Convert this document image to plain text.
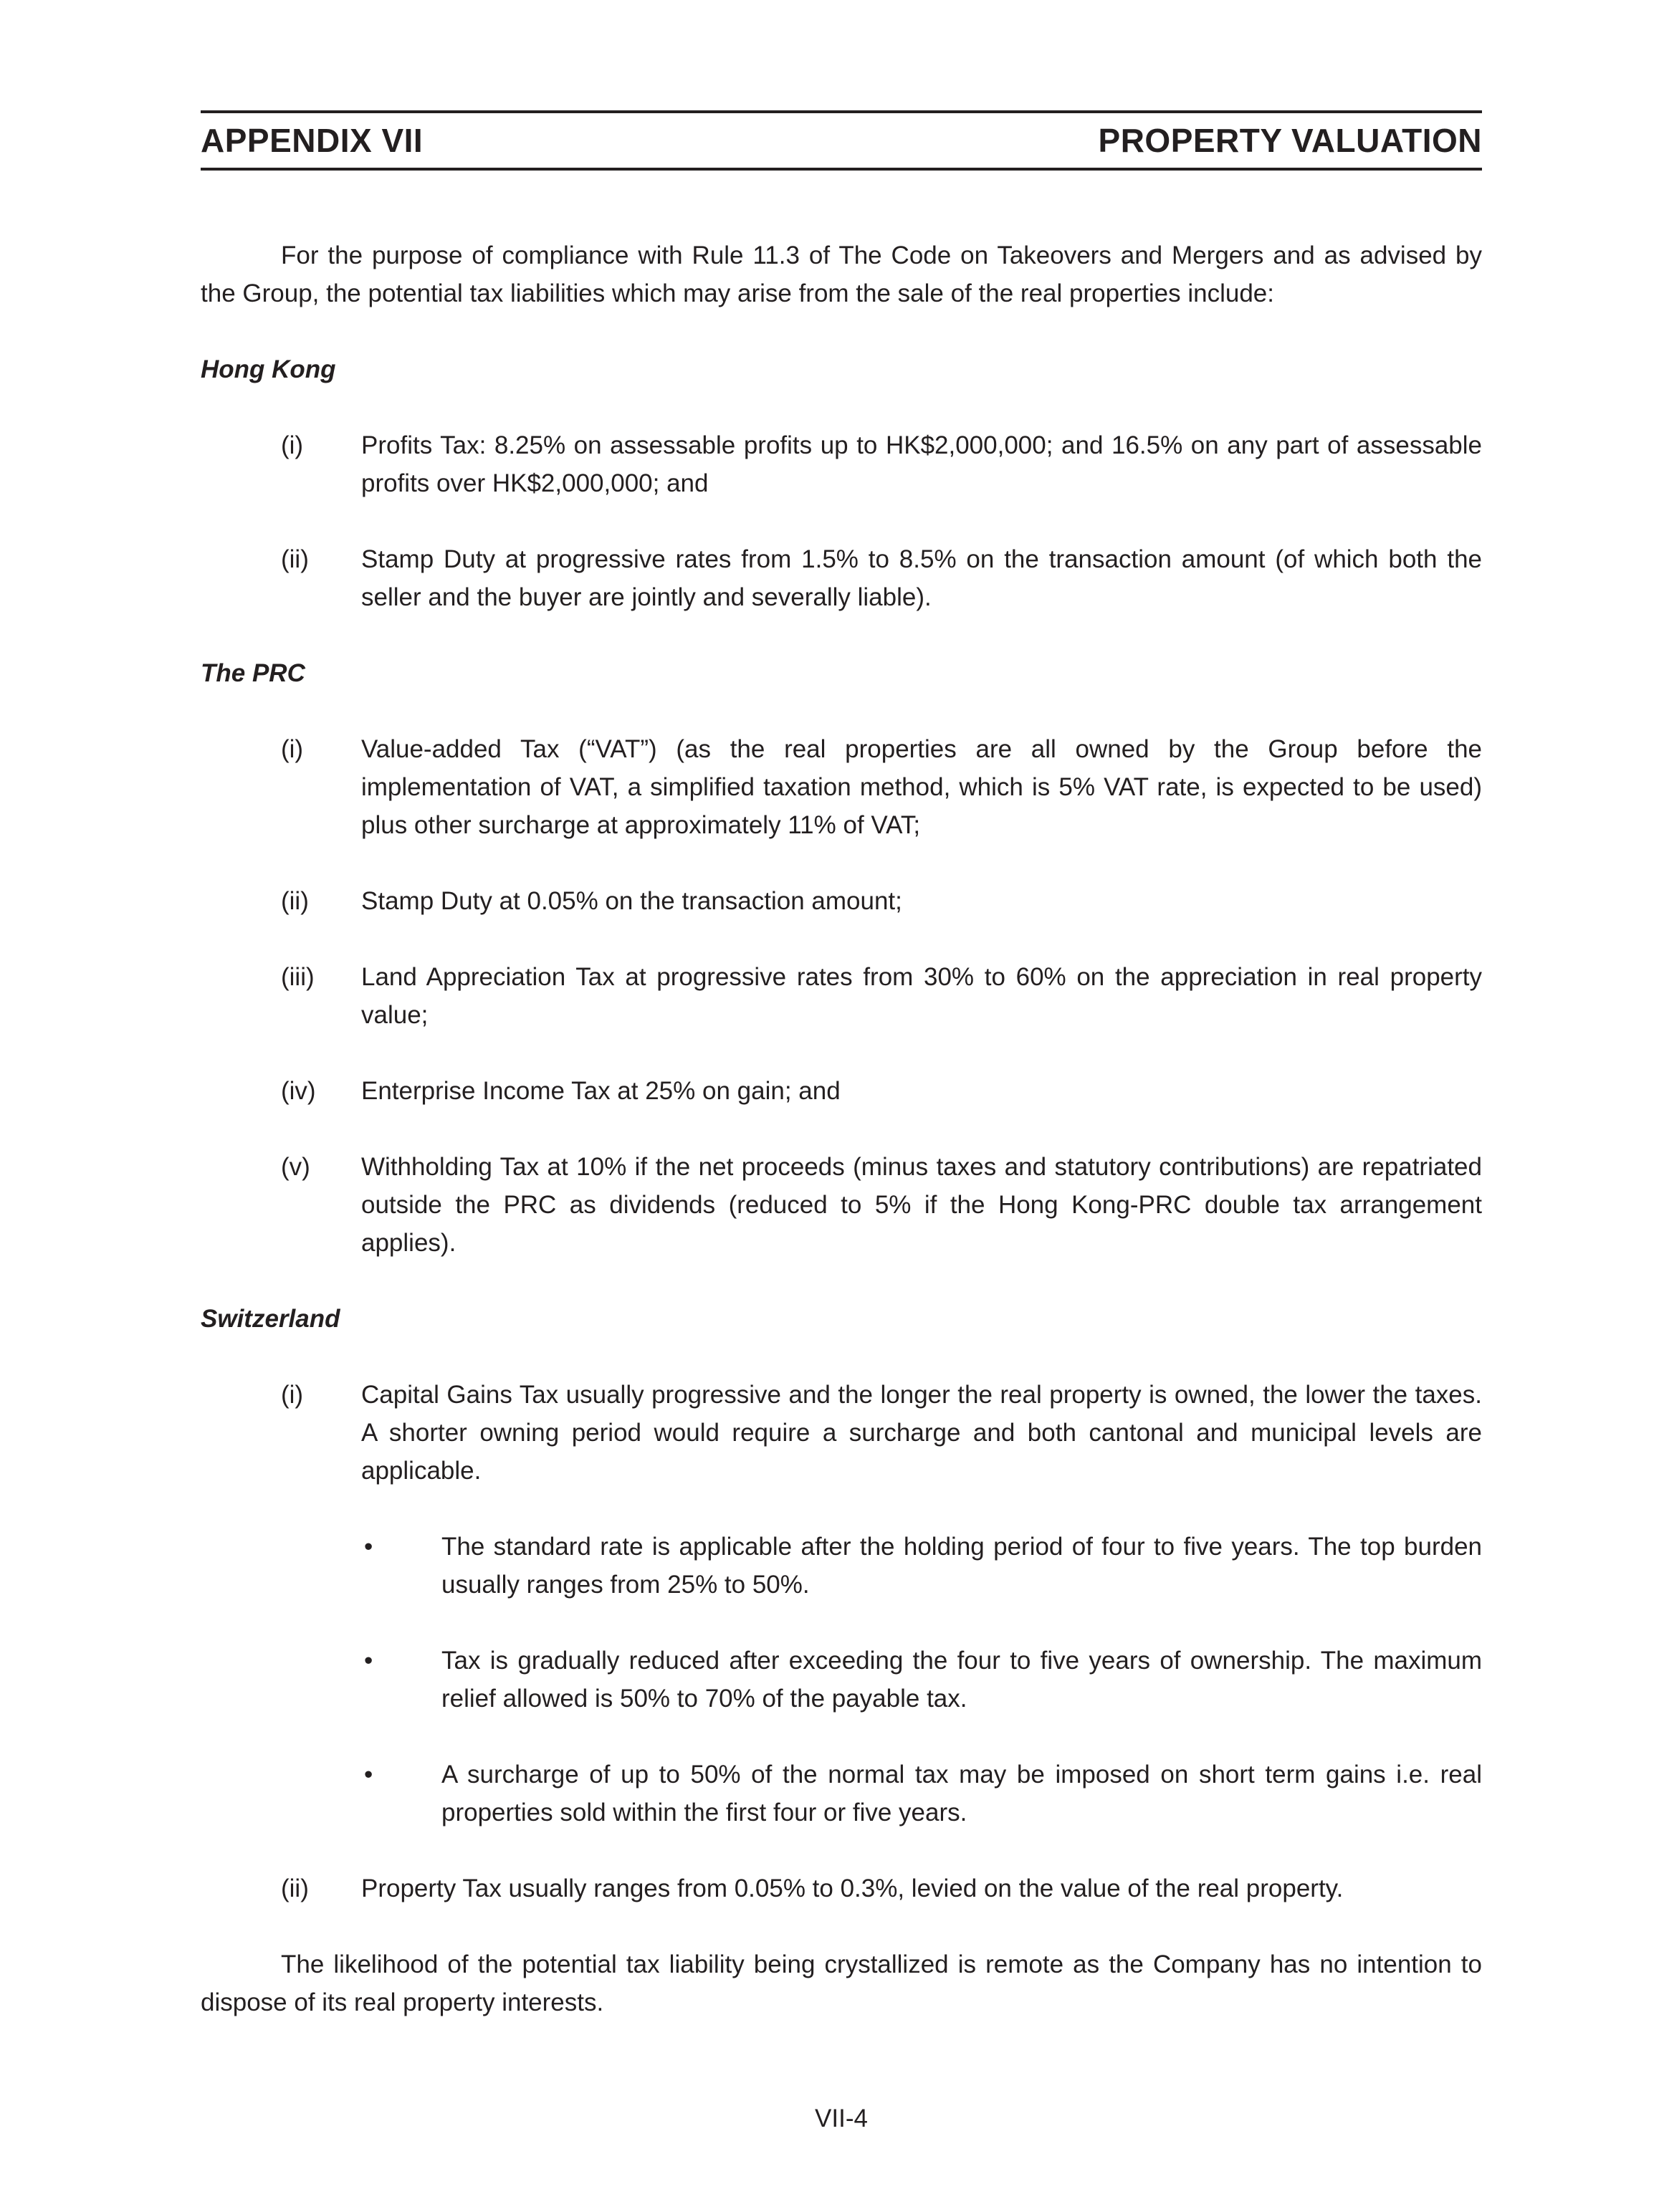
APPENDIX VII	PROPERTY VALUATION

For the purpose of compliance with Rule 11.3 of The Code on Takeovers and Mergers and as advised by the Group, the potential tax liabilities which may arise from the sale of the real properties include:

Hong Kong

(i)	Profits Tax: 8.25% on assessable profits up to HK$2,000,000; and 16.5% on any part of assessable profits over HK$2,000,000; and
(ii)	Stamp Duty at progressive rates from 1.5% to 8.5% on the transaction amount (of which both the seller and the buyer are jointly and severally liable).

The PRC

(i)	Value-added Tax (“VAT”) (as the real properties are all owned by the Group before the implementation of VAT, a simplified taxation method, which is 5% VAT rate, is expected to be used) plus other surcharge at approximately 11% of VAT;
(ii)	Stamp Duty at 0.05% on the transaction amount;
(iii)	Land Appreciation Tax at progressive rates from 30% to 60% on the appreciation in real property value;
(iv)	Enterprise Income Tax at 25% on gain; and
(v)	Withholding Tax at 10% if the net proceeds (minus taxes and statutory contributions) are repatriated outside the PRC as dividends (reduced to 5% if the Hong Kong-PRC double tax arrangement applies).

Switzerland

(i)	Capital Gains Tax usually progressive and the longer the real property is owned, the lower the taxes. A shorter owning period would require a surcharge and both cantonal and municipal levels are applicable.
•	The standard rate is applicable after the holding period of four to five years. The top burden usually ranges from 25% to 50%.
•	Tax is gradually reduced after exceeding the four to five years of ownership. The maximum relief allowed is 50% to 70% of the payable tax.
•	A surcharge of up to 50% of the normal tax may be imposed on short term gains i.e. real properties sold within the first four or five years.
(ii)	Property Tax usually ranges from 0.05% to 0.3%, levied on the value of the real property.

The likelihood of the potential tax liability being crystallized is remote as the Company has no intention to dispose of its real property interests.

VII-4
